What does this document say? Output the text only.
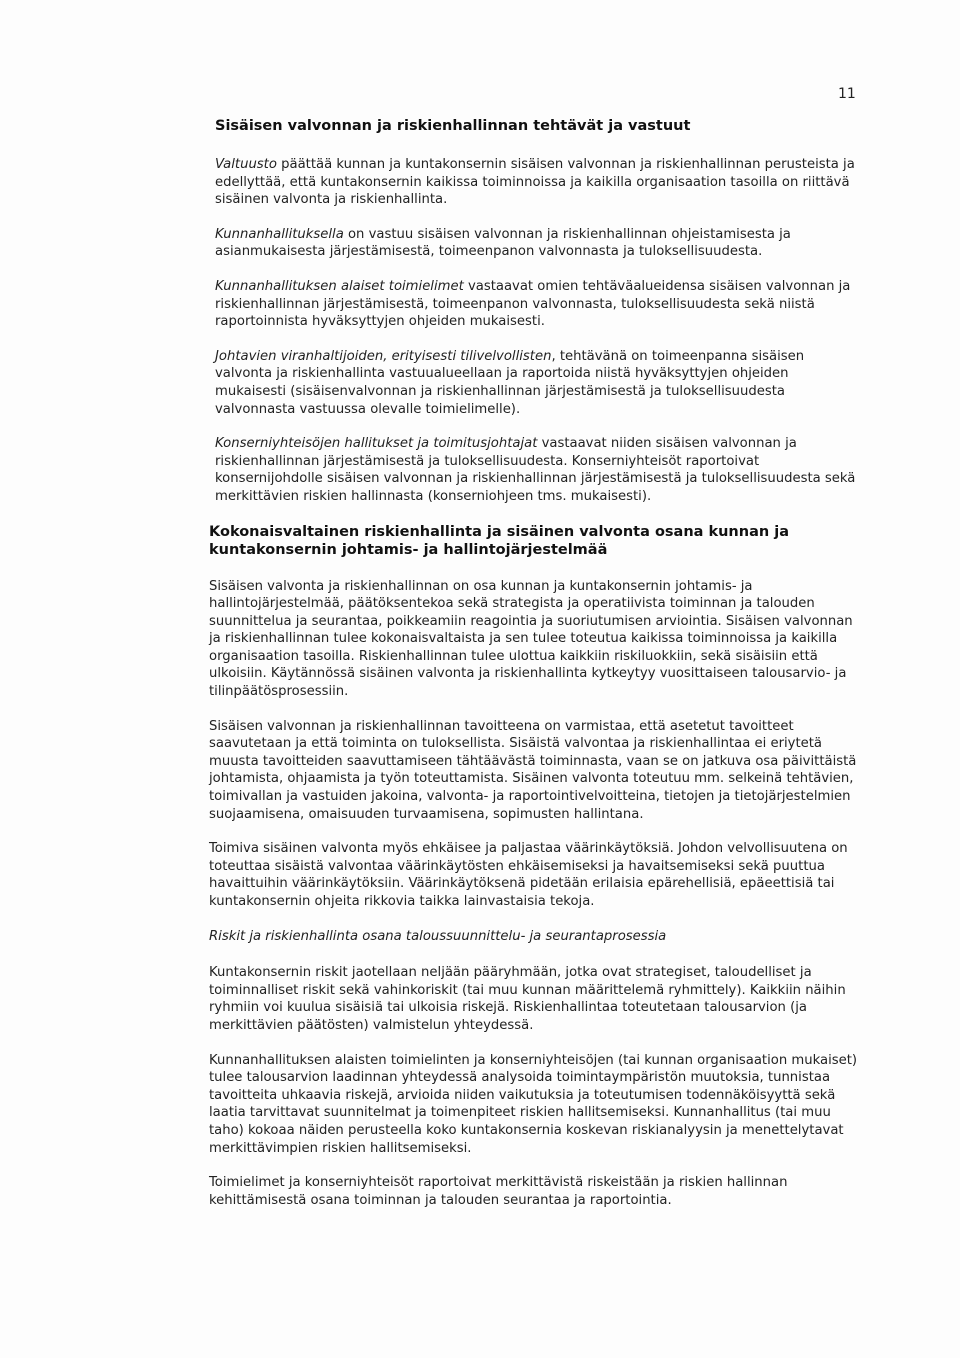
11
Sisäisen valvonnan ja riskienhallinnan tehtävät ja vastuut

Valtuusto päättää kunnan ja kuntakonsernin sisäisen valvonnan ja riskienhallinnan perusteista ja edellyttää, että kuntakonsernin kaikissa toiminnoissa ja kaikilla organisaation tasoilla on riittävä sisäinen valvonta ja riskienhallinta.

Kunnanhallituksella on vastuu sisäisen valvonnan ja riskienhallinnan ohjeistamisesta ja asianmukaisesta järjestämisestä, toimeenpanon valvonnasta ja tuloksellisuudesta.

Kunnanhallituksen alaiset toimielimet vastaavat omien tehtäväalueidensa sisäisen valvonnan ja riskienhallinnan järjestämisestä, toimeenpanon valvonnasta, tuloksellisuudesta sekä niistä raportoinnista hyväksyttyjen ohjeiden mukaisesti.

Johtavien viranhaltijoiden, erityisesti tilivelvollisten, tehtävänä on toimeenpanna sisäisen valvonta ja riskienhallinta vastuualueellaan ja raportoida niistä hyväksyttyjen ohjeiden mukaisesti (sisäisenvalvonnan ja riskienhallinnan järjestämisestä ja tuloksellisuudesta valvonnasta vastuussa olevalle toimielimelle).

Konserniyhteisöjen hallitukset ja toimitusjohtajat vastaavat niiden sisäisen valvonnan ja riskienhallinnan järjestämisestä ja tuloksellisuudesta. Konserniyhteisöt raportoivat konsernijohdolle sisäisen valvonnan ja riskienhallinnan järjestämisestä ja tuloksellisuudesta sekä merkittävien riskien hallinnasta (konserniohjeen tms. mukaisesti).

Kokonaisvaltainen riskienhallinta ja sisäinen valvonta osana kunnan ja kuntakonsernin johtamis- ja hallintojärjestelmää

Sisäisen valvonta ja riskienhallinnan on osa kunnan ja kuntakonsernin johtamis- ja hallintojärjestelmää, päätöksentekoa sekä strategista ja operatiivista toiminnan ja talouden suunnittelua ja seurantaa, poikkeamiin reagointia ja suoriutumisen arviointia. Sisäisen valvonnan ja riskienhallinnan tulee kokonaisvaltaista ja sen tulee toteutua kaikissa toiminnoissa ja kaikilla organisaation tasoilla. Riskienhallinnan tulee ulottua kaikkiin riskiluokkiin, sekä sisäisiin että ulkoisiin. Käytännössä sisäinen valvonta ja riskienhallinta kytkeytyy vuosittaiseen talousarvio- ja tilinpäätösprosessiin.

Sisäisen valvonnan ja riskienhallinnan tavoitteena on varmistaa, että asetetut tavoitteet saavutetaan ja että toiminta on tuloksellista. Sisäistä valvontaa ja riskienhallintaa ei eriytetä muusta tavoitteiden saavuttamiseen tähtäävästä toiminnasta, vaan se on jatkuva osa päivittäistä johtamista, ohjaamista ja työn toteuttamista. Sisäinen valvonta toteutuu mm. selkeinä tehtävien, toimivallan ja vastuiden jakoina, valvonta- ja raportointivelvoitteina, tietojen ja tietojärjestelmien suojaamisena, omaisuuden turvaamisena, sopimusten hallintana.

Toimiva sisäinen valvonta myös ehkäisee ja paljastaa väärinkäytöksiä. Johdon velvollisuutena on toteuttaa sisäistä valvontaa väärinkäytösten ehkäisemiseksi ja havaitsemiseksi sekä puuttua havaittuihin väärinkäytöksiin. Väärinkäytöksenä pidetään erilaisia epärehellisiä, epäeettisiä tai kuntakonsernin ohjeita rikkovia taikka lainvastaisia tekoja.

Riskit ja riskienhallinta osana taloussuunnittelu- ja seurantaprosessia

Kuntakonsernin riskit jaotellaan neljään pääryhmään, jotka ovat strategiset, taloudelliset ja toiminnalliset riskit sekä vahinkoriskit (tai muu kunnan määrittelemä ryhmittely). Kaikkiin näihin ryhmiin voi kuulua sisäisiä tai ulkoisia riskejä. Riskienhallintaa toteutetaan talousarvion (ja merkittävien päätösten) valmistelun yhteydessä.

Kunnanhallituksen alaisten toimielinten ja konserniyhteisöjen (tai kunnan organisaation mukaiset) tulee talousarvion laadinnan yhteydessä analysoida toimintaympäristön muutoksia, tunnistaa tavoitteita uhkaavia riskejä, arvioida niiden vaikutuksia ja toteutumisen todennäköisyyttä sekä laatia tarvittavat suunnitelmat ja toimenpiteet riskien hallitsemiseksi. Kunnanhallitus (tai muu taho) kokoaa näiden perusteella koko kuntakonsernia koskevan riskianalyysin ja menettelytavat merkittävimpien riskien hallitsemiseksi.

Toimielimet ja konserniyhteisöt raportoivat merkittävistä riskeistään ja riskien hallinnan kehittämisestä osana toiminnan ja talouden seurantaa ja raportointia.
